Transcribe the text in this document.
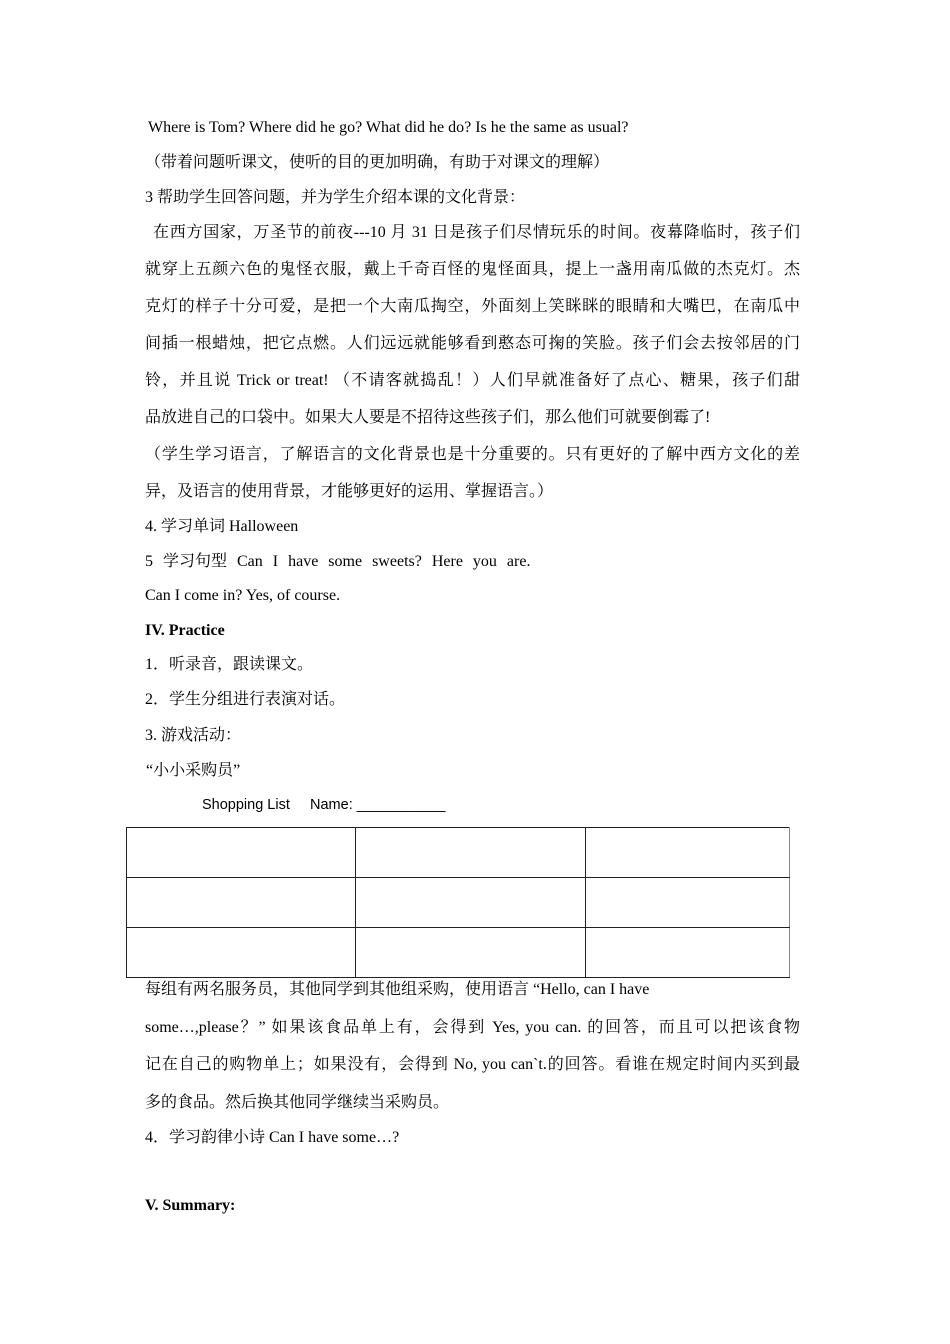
Where is Tom? Where did he go? What did he do? Is he the same as usual?
（带着问题听课文，使听的目的更加明确，有助于对课文的理解）
3 帮助学生回答问题，并为学生介绍本课的文化背景：
在西方国家，万圣节的前夜---10 月 31 日是孩子们尽情玩乐的时间。夜幕降临时，孩子们
就穿上五颜六色的鬼怪衣服，戴上千奇百怪的鬼怪面具，提上一盏用南瓜做的杰克灯。杰
克灯的样子十分可爱，是把一个大南瓜掏空，外面刻上笑眯眯的眼睛和大嘴巴，在南瓜中
间插一根蜡烛，把它点燃。人们远远就能够看到憨态可掬的笑脸。孩子们会去按邻居的门
铃，并且说 Trick or treat! （不请客就捣乱！）人们早就准备好了点心、糖果，孩子们甜
品放进自己的口袋中。如果大人要是不招待这些孩子们，那么他们可就要倒霉了!
（学生学习语言，了解语言的文化背景也是十分重要的。只有更好的了解中西方文化的差
异，及语言的使用背景，才能够更好的运用、掌握语言。）
4. 学习单词 Halloween
5 学习句型 Can I have some sweets? Here you are.
Can I come in? Yes, of course.
IV. Practice
1．听录音，跟读课文。
2．学生分组进行表演对话。
3. 游戏活动：
“小小采购员”
Shopping List     Name: ___________

每组有两名服务员，其他同学到其他组采购，使用语言 “Hello, can I have
some…,please？” 如果该食品单上有，会得到 Yes, you can. 的回答，而且可以把该食物
记在自己的购物单上；如果没有，会得到 No, you can`t.的回答。看谁在规定时间内买到最
多的食品。然后换其他同学继续当采购员。
4．学习韵律小诗 Can I have some…?
V. Summary:
